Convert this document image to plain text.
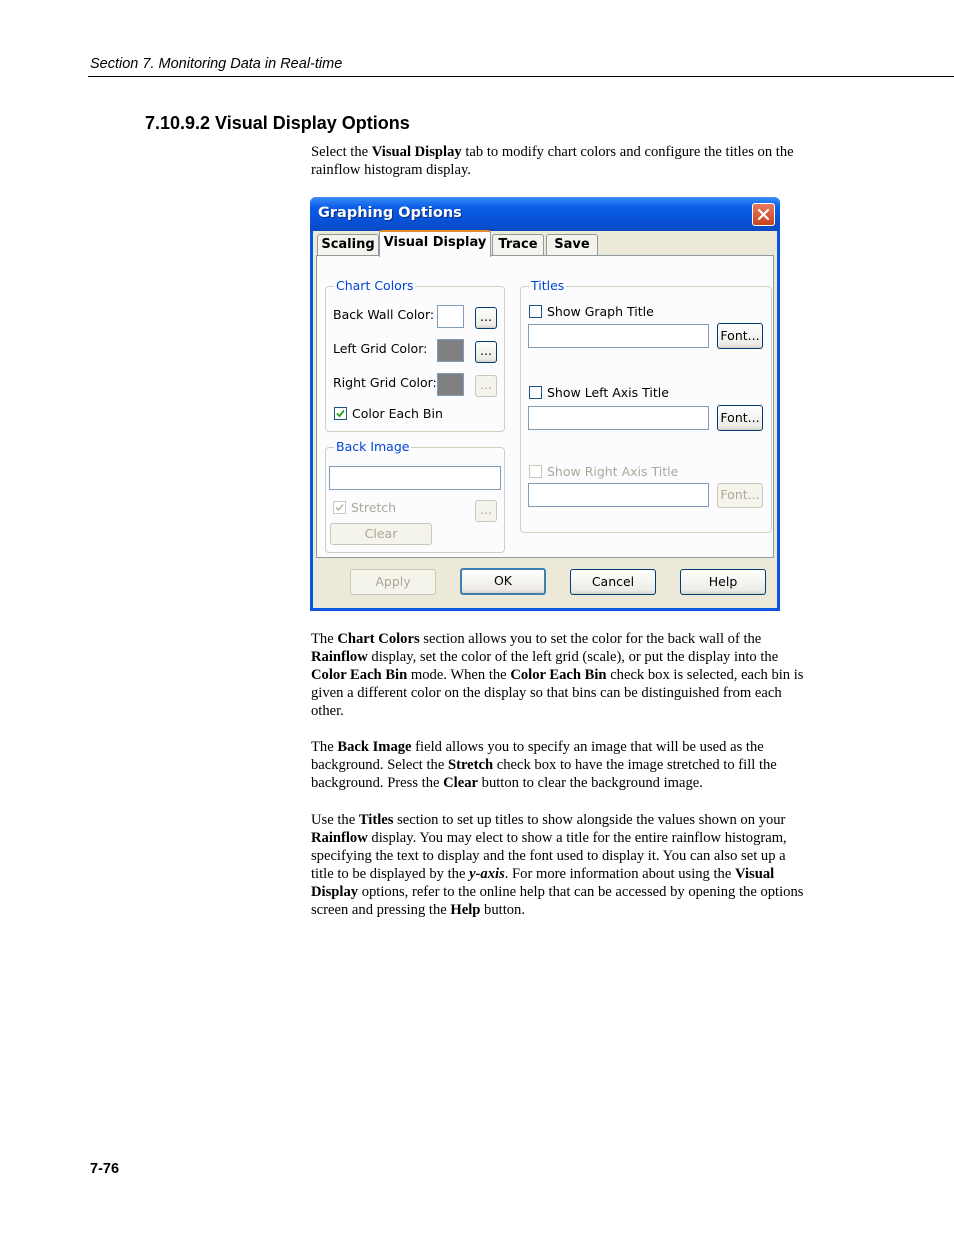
Section 7. Monitoring Data in Real-time
7.10.9.2 Visual Display Options
Select the Visual Display tab to modify chart colors and configure the titles on the rainflow histogram display.
Graphing Options
Scaling Visual Display Trace	Save
Chart Colors
Back Wall Color:	...
Left Grid Color:	...
Right Grid Color:	...
Color Each Bin
Back Image
Stretch	...
Clear
Titles
Show Graph Title
Font...
Show Left Axis Title
Font...
Show Right Axis Title
Font...
Apply	OK	Cancel	Help
The Chart Colors section allows you to set the color for the back wall of the Rainflow display, set the color of the left grid (scale), or put the display into the Color Each Bin mode. When the Color Each Bin check box is selected, each bin is given a different color on the display so that bins can be distinguished from each other.
The Back Image field allows you to specify an image that will be used as the background. Select the Stretch check box to have the image stretched to fill the background. Press the Clear button to clear the background image.
Use the Titles section to set up titles to show alongside the values shown on your Rainflow display. You may elect to show a title for the entire rainflow histogram, specifying the text to display and the font used to display it. You can also set up a title to be displayed by the y-axis. For more information about using the Visual Display options, refer to the online help that can be accessed by opening the options screen and pressing the Help button.
7-76
